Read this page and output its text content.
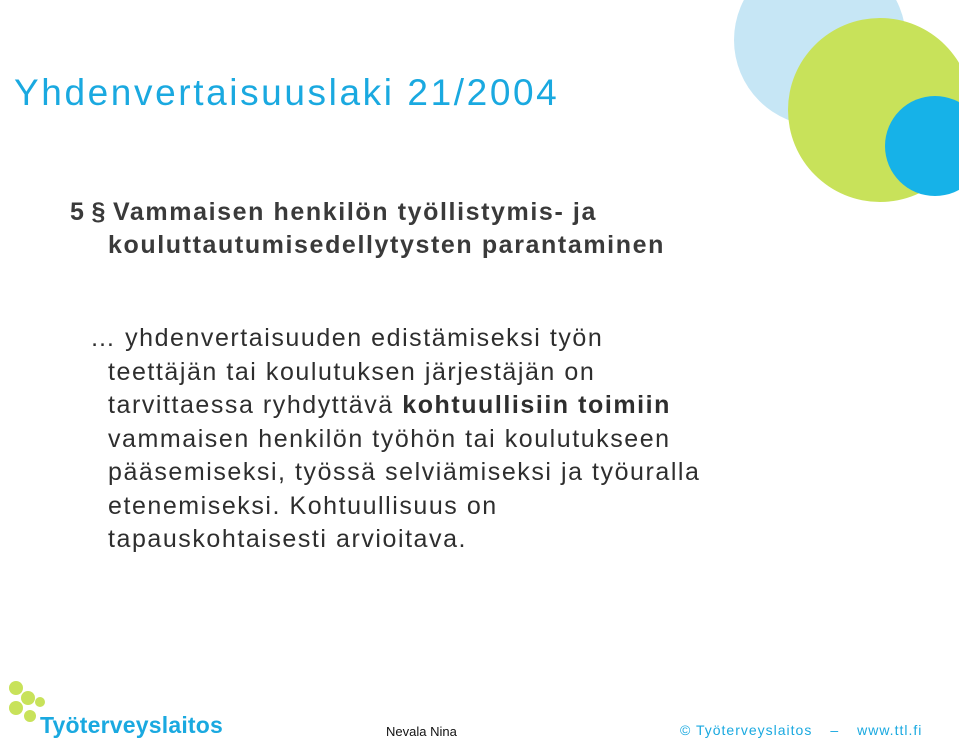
Yhdenvertaisuuslaki 21/2004
5 § Vammaisen henkilön työllistymis- ja
kouluttautumisedellytysten parantaminen
… yhdenvertaisuuden edistämiseksi työn
teettäjän tai koulutuksen järjestäjän on
tarvittaessa ryhdyttävä kohtuullisiin toimiin
vammaisen henkilön työhön tai koulutukseen
pääsemiseksi, työssä selviämiseksi ja työuralla
etenemiseksi. Kohtuullisuus on
tapauskohtaisesti arvioitava.
Työterveyslaitos	Nevala Nina	© Työterveyslaitos – www.ttl.fi
